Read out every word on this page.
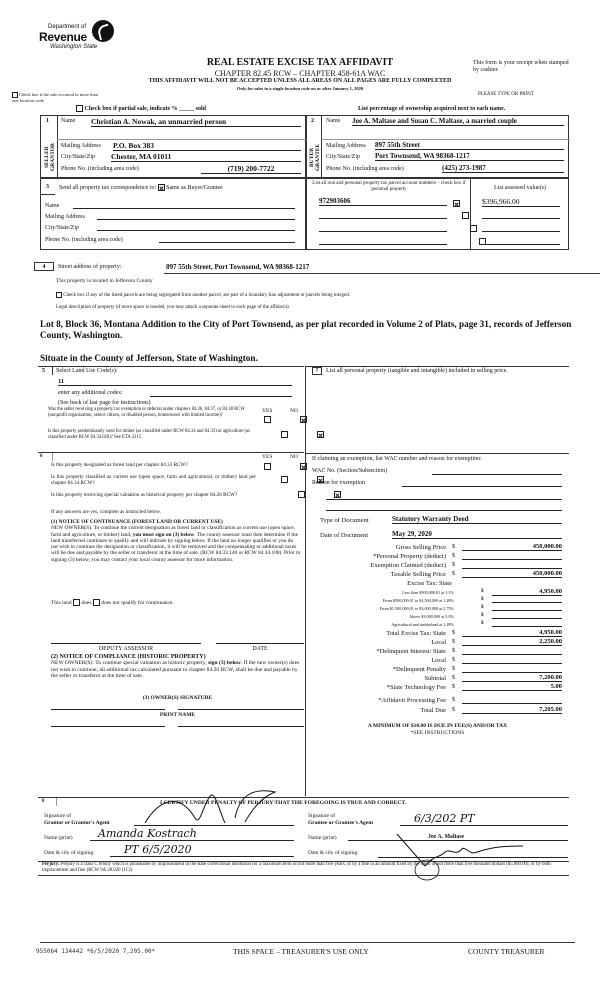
Department of
Revenue
Washington State
REAL ESTATE EXCISE TAX AFFIDAVIT
CHAPTER 82.45 RCW – CHAPTER 458-61A WAC
THIS AFFIDAVIT WILL NOT BE ACCEPTED UNLESS ALL AREAS ON ALL PAGES ARE FULLY COMPLETED
Only for sales in a single location code on or after January 1, 2020
This form is your receipt when stamped by cashier.
PLEASE TYPE OR PRINT
Check box if the sale occurred in more than one location code.
Check box if partial sale, indicate % _____ sold	List percentage of ownership acquired next to each name.
1
SELLER GRANTOR
Name Christian A. Nowak, an unmarried person
Mailing Address P.O. Box 383
City/State/Zip Chester, MA 01011
Phone No. (including area code)	(719) 200-7722
2
BUYER GRANTEE
Name Joe A. Maltase and Susan C. Maltase, a married couple
Mailing Address 897 55th Street
City/State/Zip Port Townsend, WA 98368-1217
Phone No. (including area code)	(425) 273-1987
3 Send all property tax correspondence to: Same as Buyer/Grantee
Name
Mailing Address
City/State/Zip
Phone No. (including area code)
List all real and personal property tax parcel account numbers – check box if personal property	List assessed value(s)
972903606
	$396,966.00

4	Street address of property:	897 55th Street, Port Townsend, WA 98368-1217
This property is located in Jefferson County
Check box if any of the listed parcels are being segregated from another parcel, are part of a boundary line adjustment or parcels being merged.
Legal description of property (if more space is needed, you may attach a separate sheet to each page of the affidavit)
Lot 8, Block 36, Montana Addition to the City of Port Townsend, as per plat recorded in Volume 2 of Plats, page 31, records of Jefferson County, Washington.
Situate in the County of Jefferson, State of Washington.
5 Select Land Use Code(s):
11
enter any additional codes:
(See back of last page for instructions)
YES	NO
Was the seller receiving a property tax exemption or deferral under chapters 84.36, 84.37, or 84.38 RCW (nonprofit organization, senior citizen, or disabled person, homeowner with limited income)?

Is this property predominantly used for timber (as classified under RCW 84.34 and 84.33) or agriculture (as classified under RCW 84.34.020)? See ETA 3215

6	YES	NO
Is this property designated as forest land per chapter 84.33 RCW?

Is this property classified as current use (open space, farm and agricultural, or timber) land per chapter 84.34 RCW?

Is this property receiving special valuation as historical property per chapter 84.26 RCW?

If any answers are yes, complete as instructed below.
(1) NOTICE OF CONTINUANCE (FOREST LAND OR CURRENT USE)
NEW OWNER(S): To continue the current designation as forest land or classification as current use (open space, farm and agriculture, or timber) land, you must sign on (3) below. The county assessor must then determine if the land transferred continues to qualify and will indicate by signing below. If the land no longer qualifies or you do not wish to continue the designation or classification, it will be removed and the compensating or additional taxes will be due and payable by the seller or transferor at the time of sale. (RCW 84.33.140 or RCW 84.34.108). Prior to signing (3) below, you may contact your local county assessor for more information.
This land does does not qualify for continuance.
DEPUTY ASSESSOR	DATE
(2) NOTICE OF COMPLIANCE (HISTORIC PROPERTY)
NEW OWNER(S): To continue special valuation as historic property, sign (3) below. If the new owner(s) does not wish to continue, all additional tax calculated pursuant to chapter 84.26 RCW, shall be due and payable by the seller or transferor at the time of sale.
(3) OWNER(S) SIGNATURE
PRINT NAME
7	List all personal property (tangible and intangible) included in selling price.
If claiming an exemption, list WAC number and reason for exemption:
WAC No. (Section/Subsection)
Reason for exemption
Type of Document	Statutory Warranty Deed
Date of Document	May 29, 2020
Gross Selling Price $	450,000.00
*Personal Property (deduct) $
Exemption Claimed (deduct) $
Taxable Selling Price $	450,000.00
Excise Tax: State
Less than $500,000.01 at 1.1%	$	4,950.00
From $500,000.01 to $1,500,000 at 1.28%	$
From $1,500,000.01 to $3,000,000 at 2.75%	$
Above $3,000,000 at 3.0%	$
Agricultural and timberland at 1.28%	$
Total Excise Tax: State $	4,950.00
Local $	2,250.00
*Delinquent Interest: State $
Local $
*Delinquent Penalty $
Subtotal $	7,200.00
*State Technology Fee $	5.00
*Affidavit Processing Fee $
Total Due $	7,205.00
A MINIMUM OF $10.00 IS DUE IN FEE(S) AND/OR TAX
*SEE INSTRUCTIONS
8	I CERTIFY UNDER PENALTY OF PERJURY THAT THE FOREGOING IS TRUE AND CORRECT.
Signature of
Grantor or Grantor's Agent
Name (print)	Amanda Kostrach
Date & city of signing:	PT 6/5/2020
Signature of
Grantee or Grantee's Agent	6/3/202 PT
Name (print)	Joe A. Maltase
Date & city of signing:
Perjury: Perjury is a class C felony which is punishable by imprisonment in the state correctional institution for a maximum term of not more than five years, or by a fine in an amount fixed by the court of not more than five thousand dollars ($5,000.00), or by both imprisonment and fine (RCW 9A.20.020 (1C)).
955064 134442 *6/5/2020 7,205.00*	THIS SPACE – TREASURER'S USE ONLY	COUNTY TREASURER
